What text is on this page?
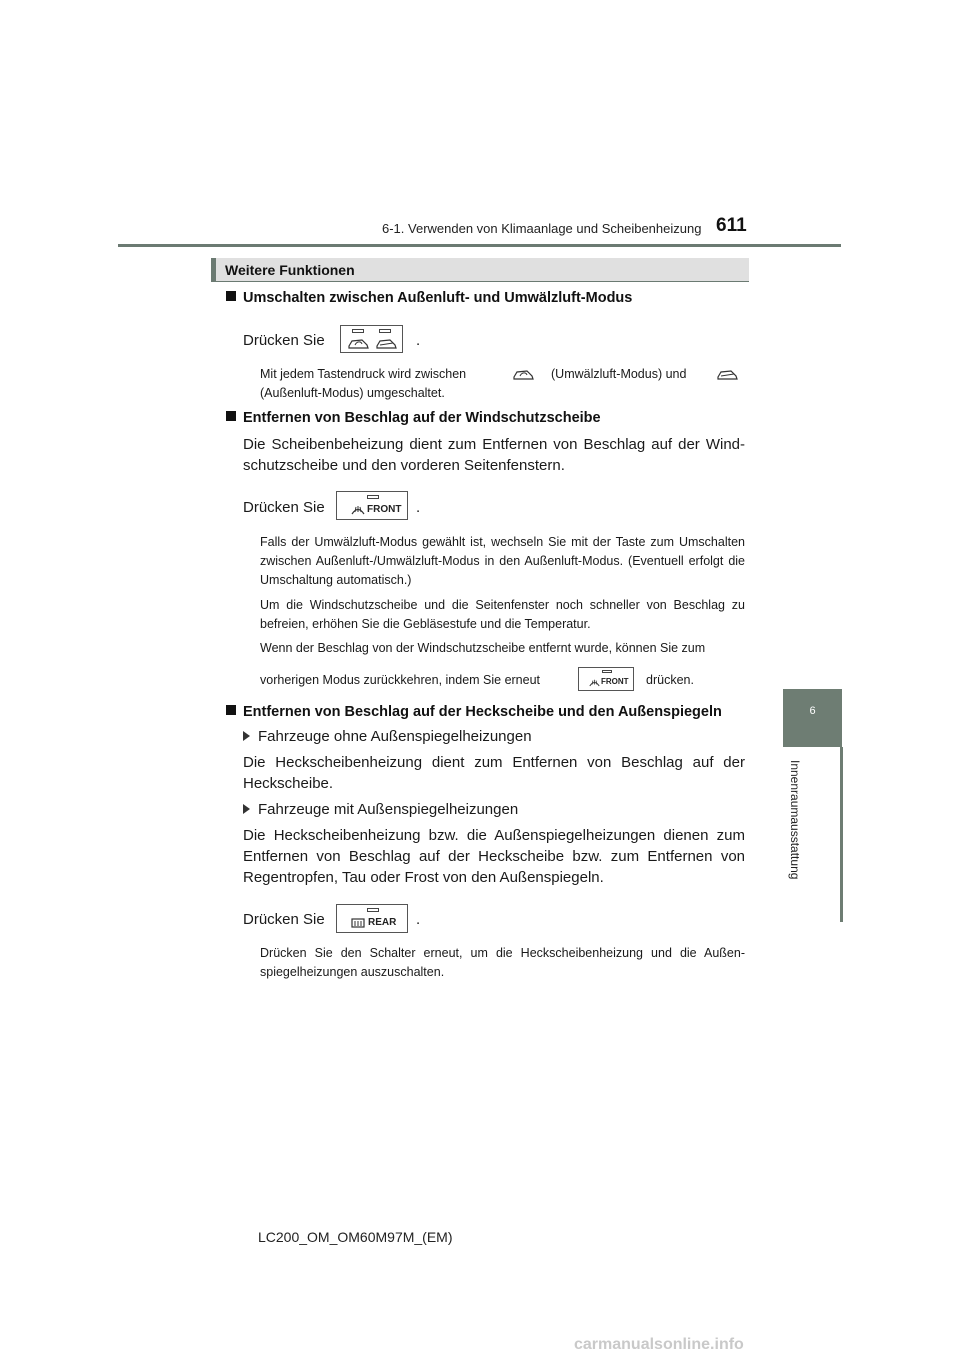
6-1. Verwenden von Klimaanlage und Scheibenheizung 611
6
Innenraumausstattung
Weitere Funktionen
Umschalten zwischen Außenluft- und Umwälzluft-Modus
Drücken Sie	.
Mit jedem Tastendruck wird zwischen	(Umwälzluft-Modus) und
(Außenluft-Modus) umgeschaltet.
Entfernen von Beschlag auf der Windschutzscheibe
Die Scheibenbeheizung dient zum Entfernen von Beschlag auf der Wind-schutzscheibe und den vorderen Seitenfenstern.
Drücken Sie	FRONT .
Falls der Umwälzluft-Modus gewählt ist, wechseln Sie mit der Taste zum Umschalten zwischen Außenluft-/Umwälzluft-Modus in den Außenluft-Modus. (Eventuell erfolgt die Umschaltung automatisch.)
Um die Windschutzscheibe und die Seitenfenster noch schneller von Beschlag zu befreien, erhöhen Sie die Gebläsestufe und die Temperatur.
Wenn der Beschlag von der Windschutzscheibe entfernt wurde, können Sie zum
vorherigen Modus zurückkehren, indem Sie erneut	FRONT drücken.
Entfernen von Beschlag auf der Heckscheibe und den Außenspiegeln
Fahrzeuge ohne Außenspiegelheizungen
Die Heckscheibenheizung dient zum Entfernen von Beschlag auf der Heckscheibe.
Fahrzeuge mit Außenspiegelheizungen
Die Heckscheibenheizung bzw. die Außenspiegelheizungen dienen zum Entfernen von Beschlag auf der Heckscheibe bzw. zum Entfernen von Regentropfen, Tau oder Frost von den Außenspiegeln.
Drücken Sie	REAR .
Drücken Sie den Schalter erneut, um die Heckscheibenheizung und die Außen-spiegelheizungen auszuschalten.
LC200_OM_OM60M97M_(EM)
carmanualsonline.info
